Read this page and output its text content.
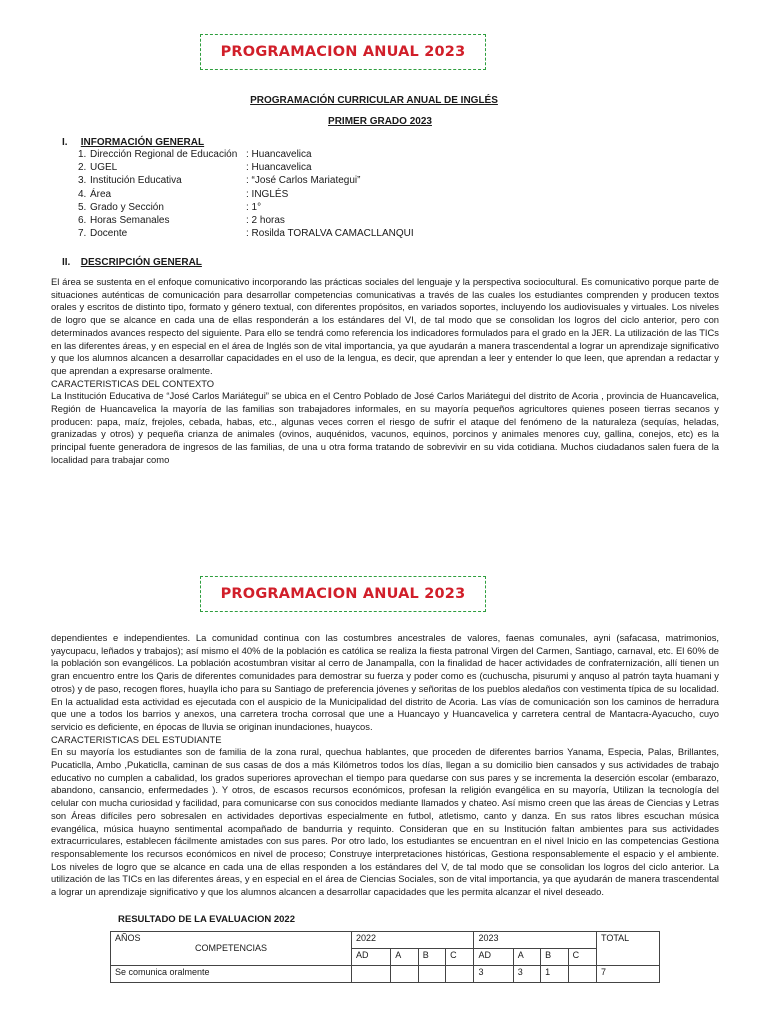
PROGRAMACION ANUAL 2023
PROGRAMACIÓN CURRICULAR ANUAL DE INGLÉS
PRIMER GRADO 2023
I. INFORMACIÓN GENERAL
1. Dirección Regional de Educación : Huancavelica
2. UGEL	: Huancavelica
3. Institución Educativa	: “José Carlos Mariategui”
4. Área	: INGLÉS
5. Grado y Sección	: 1°
6. Horas Semanales	: 2 horas
7. Docente	: Rosilda TORALVA CAMACLLANQUI
II. DESCRIPCIÓN GENERAL

El área se sustenta en el enfoque comunicativo incorporando las prácticas sociales del lenguaje y la perspectiva sociocultural. Es comunicativo porque parte de situaciones auténticas de comunicación para desarrollar competencias comunicativas a través de las cuales los estudiantes comprenden y producen textos orales y escritos de distinto tipo, formato y género textual, con diferentes propósitos, en variados soportes, incluyendo los audiovisuales y virtuales. Los niveles de logro que se alcance en cada una de ellas responderán a los estándares del VI, de tal modo que se consolidan los logros del ciclo anterior, pero con determinados avances respecto del siguiente. Para ello se tendrá como referencia los indicadores formulados para el grado en la JER. La utilización de las TICs en las diferentes áreas, y en especial en el área de Inglés son de vital importancia, ya que ayudarán a manera trascendental a lograr un aprendizaje significativo y que los alumnos alcancen a desarrollar capacidades en el uso de la lengua, es decir, que aprendan a leer y entender lo que leen, que aprendan a redactar y que aprendan a expresarse oralmente.

CARACTERISTICAS DEL CONTEXTO

La Institución Educativa de “José Carlos Mariátegui” se ubica en el Centro Poblado de José Carlos Mariátegui del distrito de Acoria , provincia de Huancavelica, Región de Huancavelica la mayoría de las familias son trabajadores informales, en su mayoría pequeños agricultores quienes poseen tierras secanos y producen: papa, maíz, frejoles, cebada, habas, etc., algunas veces corren el riesgo de sufrir el ataque del fenómeno de la naturaleza (sequías, heladas, granizadas y otros) y pequeña crianza de animales (ovinos, auquénidos, vacunos, equinos, porcinos y animales menores cuy, gallina, conejos, etc) es la principal fuente generadora de ingresos de las familias, de una u otra forma tratando de sobrevivir en su vida cotidiana. Muchos ciudadanos salen fuera de la localidad para trabajar como

PROGRAMACION ANUAL 2023

dependientes e independientes. La comunidad continua con las costumbres ancestrales de valores, faenas comunales, ayni (safacasa, matrimonios, yaycupacu, leñados y trabajos); así mismo el 40% de la población es católica se realiza la fiesta patronal Virgen del Carmen, Santiago, carnaval, etc. El 60% de la población son evangélicos. La población acostumbran visitar al cerro de Janampalla, con la finalidad de hacer actividades de confraternización, allí tienen un gran encuentro entre los Qaris de diferentes comunidades para demostrar su fuerza y poder como es (cuchuscha, pisurumi y anquso al patrón tayta huamani y otros) y de paso, recogen flores, huaylla icho para su Santiago de preferencia jóvenes y señoritas de los pueblos aledaños con vestimenta típica de su localidad. En la actualidad esta actividad es ejecutada con el auspicio de la Municipalidad del distrito de Acoria. Las vías de comunicación son los caminos de herradura que une a todos los barrios y anexos, una carretera trocha corrosal que une a Huancayo y Huancavelica y carretera central de Mantacra-Ayacucho, cuyo servicio es deficiente, en épocas de lluvia se originan inundaciones, huaycos.

CARACTERISTICAS DEL ESTUDIANTE

En su mayoría los estudiantes son de familia de la zona rural, quechua hablantes, que proceden de diferentes barrios Yanama, Especia, Palas, Brillantes, Pucaticlla, Ambo ,Pukaticlla, caminan de sus casas de dos a más Kilómetros todos los días, llegan a su domicilio bien cansados y sus actividades de trabajo educativo no cumplen a cabalidad, los grados superiores aprovechan el tiempo para quedarse con sus pares y se incrementa la deserción escolar (embarazo, abandono, cansancio, enfermedades ). Y otros, de escasos recursos económicos, profesan la religión evangélica en su mayoría, Utilizan la tecnología del celular con mucha curiosidad y facilidad, para comunicarse con sus conocidos mediante llamados y chateo. Así mismo creen que las áreas de Ciencias y Letras son Áreas difíciles pero sobresalen en actividades deportivas especialmente en futbol, atletismo, canto y danza. En sus ratos libres escuchan música evangélica, música huayno sentimental acompañado de bandurria y requinto. Consideran que en su Institución faltan ambientes para sus actividades extracurriculares, establecen fácilmente amistades con sus pares. Por otro lado, los estudiantes se encuentran en el nivel Inicio en las competencias Gestiona responsablemente los recursos económicos en nivel de proceso; Construye interpretaciones históricas, Gestiona responsablemente el espacio y el ambiente. Los niveles de logro que se alcance en cada una de ellas responden a los estándares del V, de tal modo que se consolidan los logros del ciclo anterior. La utilización de las TICs en las diferentes áreas, y en especial en el área de Ciencias Sociales, son de vital importancia, ya que ayudarán de manera trascendental a lograr un aprendizaje significativo y que los alumnos alcancen a desarrollar capacidades que les permita alcanzar el nivel deseado.

RESULTADO DE LA EVALUACION 2022
AÑOS
COMPETENCIAS	2022				2023				TOTAL
	AD	A	B	C	AD	A	B	C	
Se comunica oralmente					3	3	1		7
